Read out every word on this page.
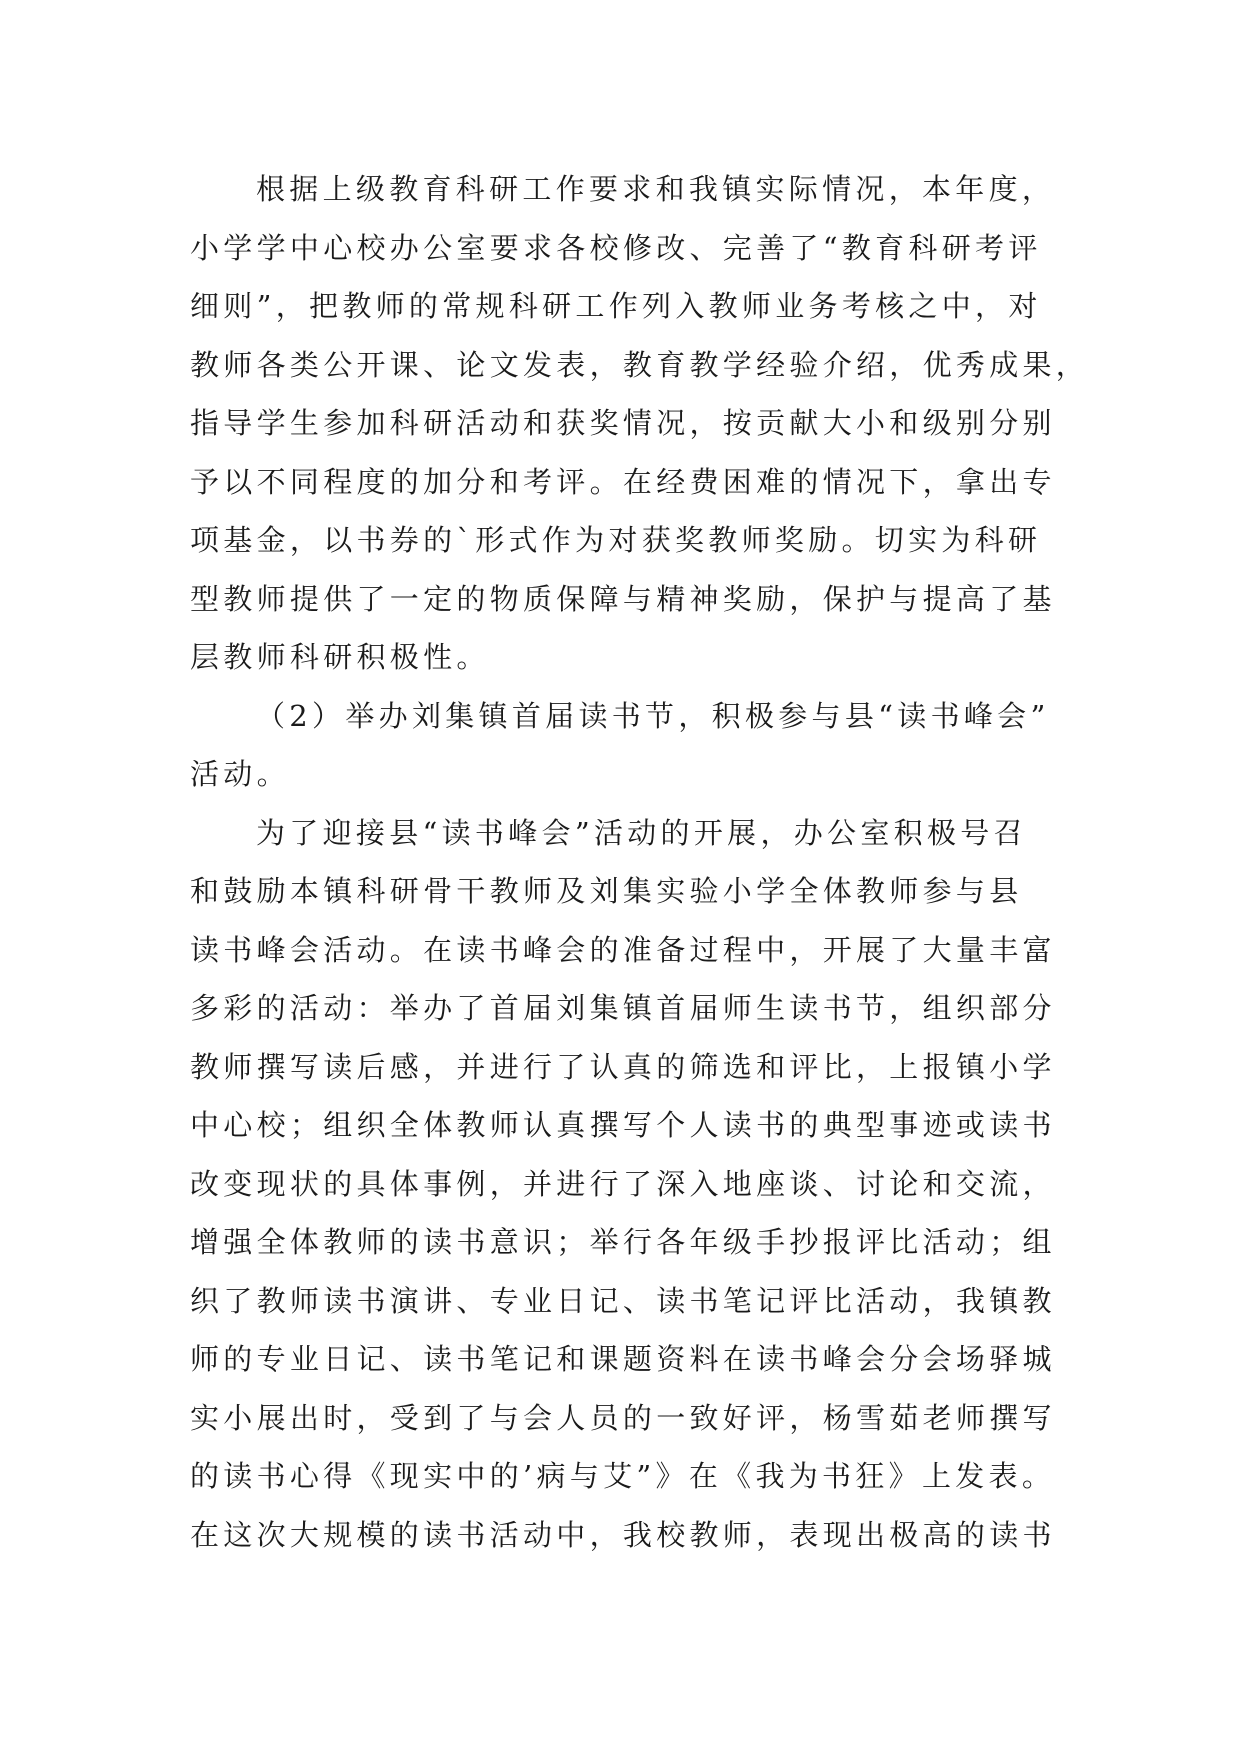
根据上级教育科研工作要求和我镇实际情况，本年度，
小学学中心校办公室要求各校修改、完善了“教育科研考评
细则”，把教师的常规科研工作列入教师业务考核之中，对
教师各类公开课、论文发表，教育教学经验介绍，优秀成果，
指导学生参加科研活动和获奖情况，按贡献大小和级别分别
予以不同程度的加分和考评。在经费困难的情况下，拿出专
项基金，以书券的`形式作为对获奖教师奖励。切实为科研
型教师提供了一定的物质保障与精神奖励，保护与提高了基
层教师科研积极性。
（2）举办刘集镇首届读书节，积极参与县“读书峰会”
活动。
为了迎接县“读书峰会”活动的开展，办公室积极号召
和鼓励本镇科研骨干教师及刘集实验小学全体教师参与县
读书峰会活动。在读书峰会的准备过程中，开展了大量丰富
多彩的活动：举办了首届刘集镇首届师生读书节，组织部分
教师撰写读后感，并进行了认真的筛选和评比，上报镇小学
中心校；组织全体教师认真撰写个人读书的典型事迹或读书
改变现状的具体事例，并进行了深入地座谈、讨论和交流，
增强全体教师的读书意识；举行各年级手抄报评比活动；组
织了教师读书演讲、专业日记、读书笔记评比活动，我镇教
师的专业日记、读书笔记和课题资料在读书峰会分会场驿城
实小展出时，受到了与会人员的一致好评，杨雪茹老师撰写
的读书心得《现实中的’病与艾”》在《我为书狂》上发表。
在这次大规模的读书活动中，我校教师，表现出极高的读书
